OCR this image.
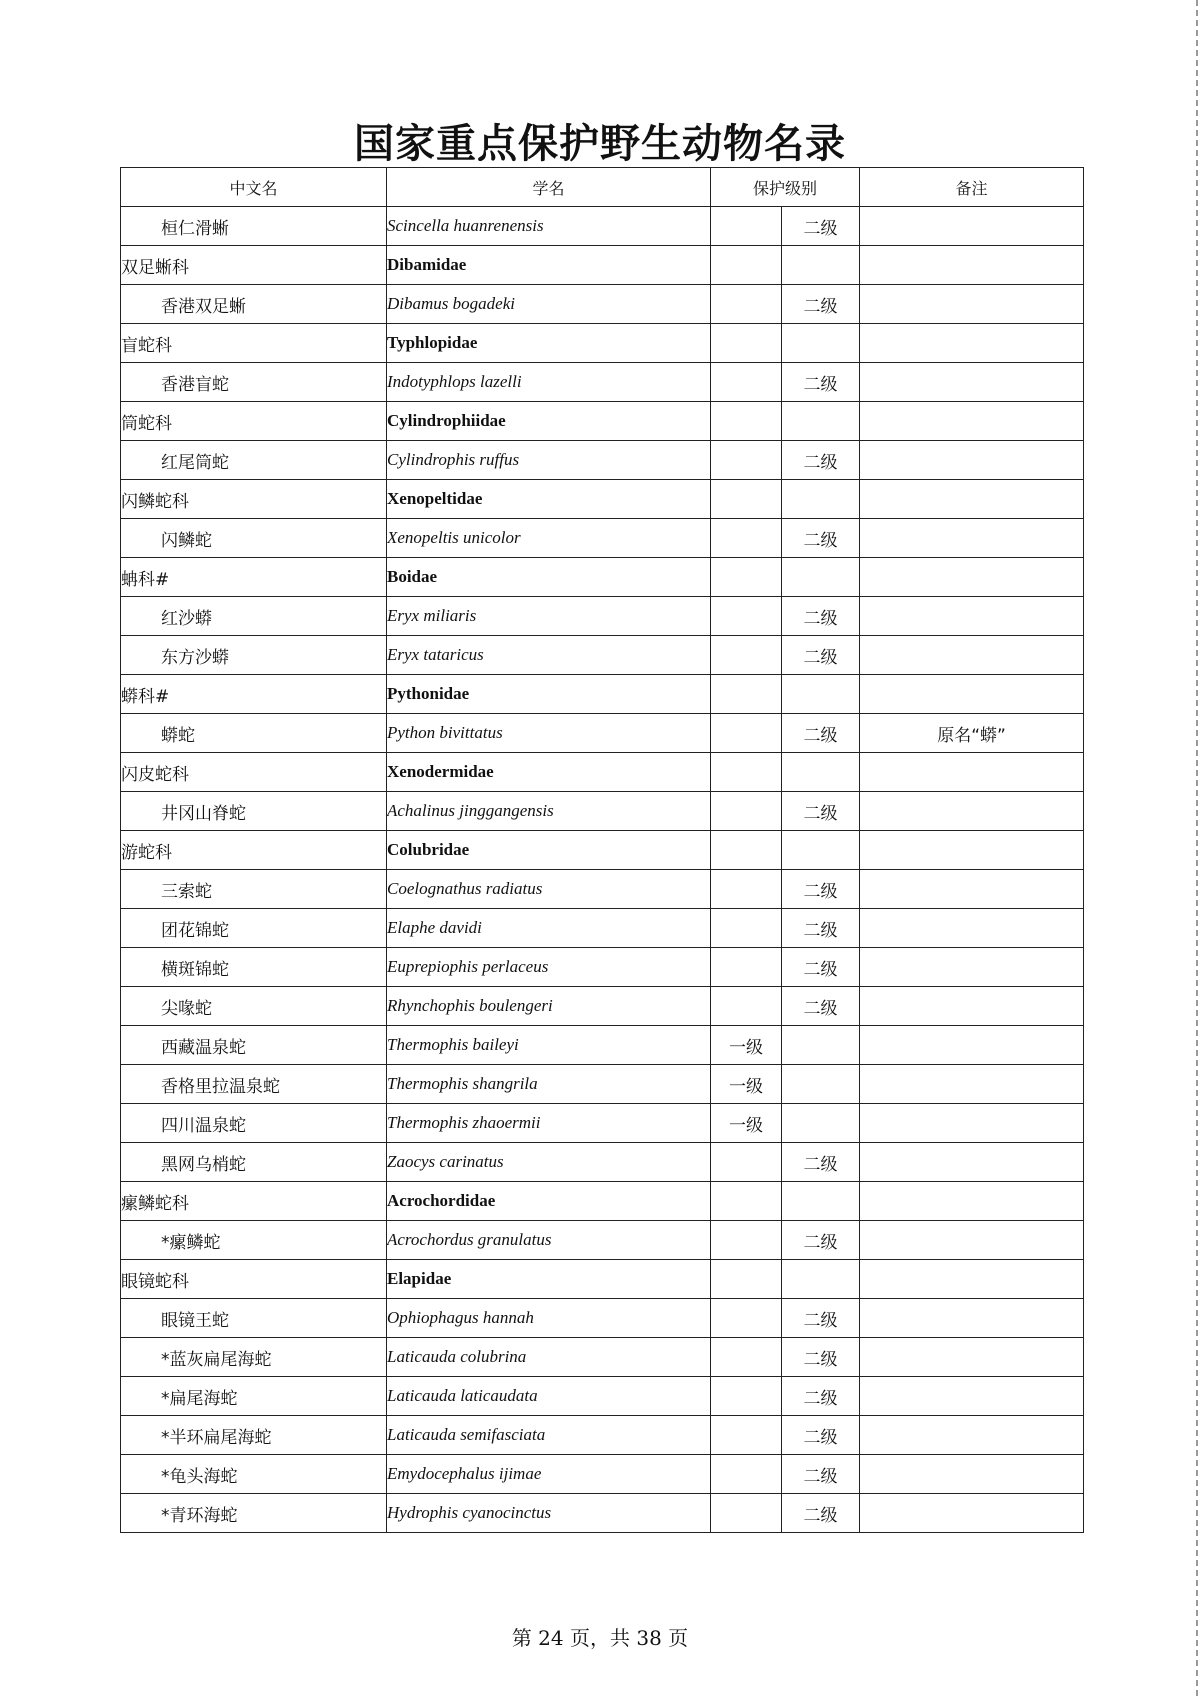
国家重点保护野生动物名录
中文名	学名	保护级别		备注
桓仁滑蜥	Scincella huanrenensis		二级	
双足蜥科	Dibamidae			
香港双足蜥	Dibamus bogadeki		二级	
盲蛇科	Typhlopidae			
香港盲蛇	Indotyphlops lazelli		二级	
筒蛇科	Cylindrophiidae			
红尾筒蛇	Cylindrophis ruffus		二级	
闪鳞蛇科	Xenopeltidae			
闪鳞蛇	Xenopeltis unicolor		二级	
蚺科#	Boidae			
红沙蟒	Eryx miliaris		二级	
东方沙蟒	Eryx tataricus		二级	
蟒科#	Pythonidae			
蟒蛇	Python bivittatus		二级	原名“蟒”
闪皮蛇科	Xenodermidae			
井冈山脊蛇	Achalinus jinggangensis		二级	
游蛇科	Colubridae			
三索蛇	Coelognathus radiatus		二级	
团花锦蛇	Elaphe davidi		二级	
横斑锦蛇	Euprepiophis perlaceus		二级	
尖喙蛇	Rhynchophis boulengeri		二级	
西藏温泉蛇	Thermophis baileyi	一级		
香格里拉温泉蛇	Thermophis shangrila	一级		
四川温泉蛇	Thermophis zhaoermii	一级		
黑网乌梢蛇	Zaocys carinatus		二级	
瘰鳞蛇科	Acrochordidae			
*瘰鳞蛇	Acrochordus granulatus		二级	
眼镜蛇科	Elapidae			
眼镜王蛇	Ophiophagus hannah		二级	
*蓝灰扁尾海蛇	Laticauda colubrina		二级	
*扁尾海蛇	Laticauda laticaudata		二级	
*半环扁尾海蛇	Laticauda semifasciata		二级	
*龟头海蛇	Emydocephalus ijimae		二级	
*青环海蛇	Hydrophis cyanocinctus		二级	
第 24 页，共 38 页
